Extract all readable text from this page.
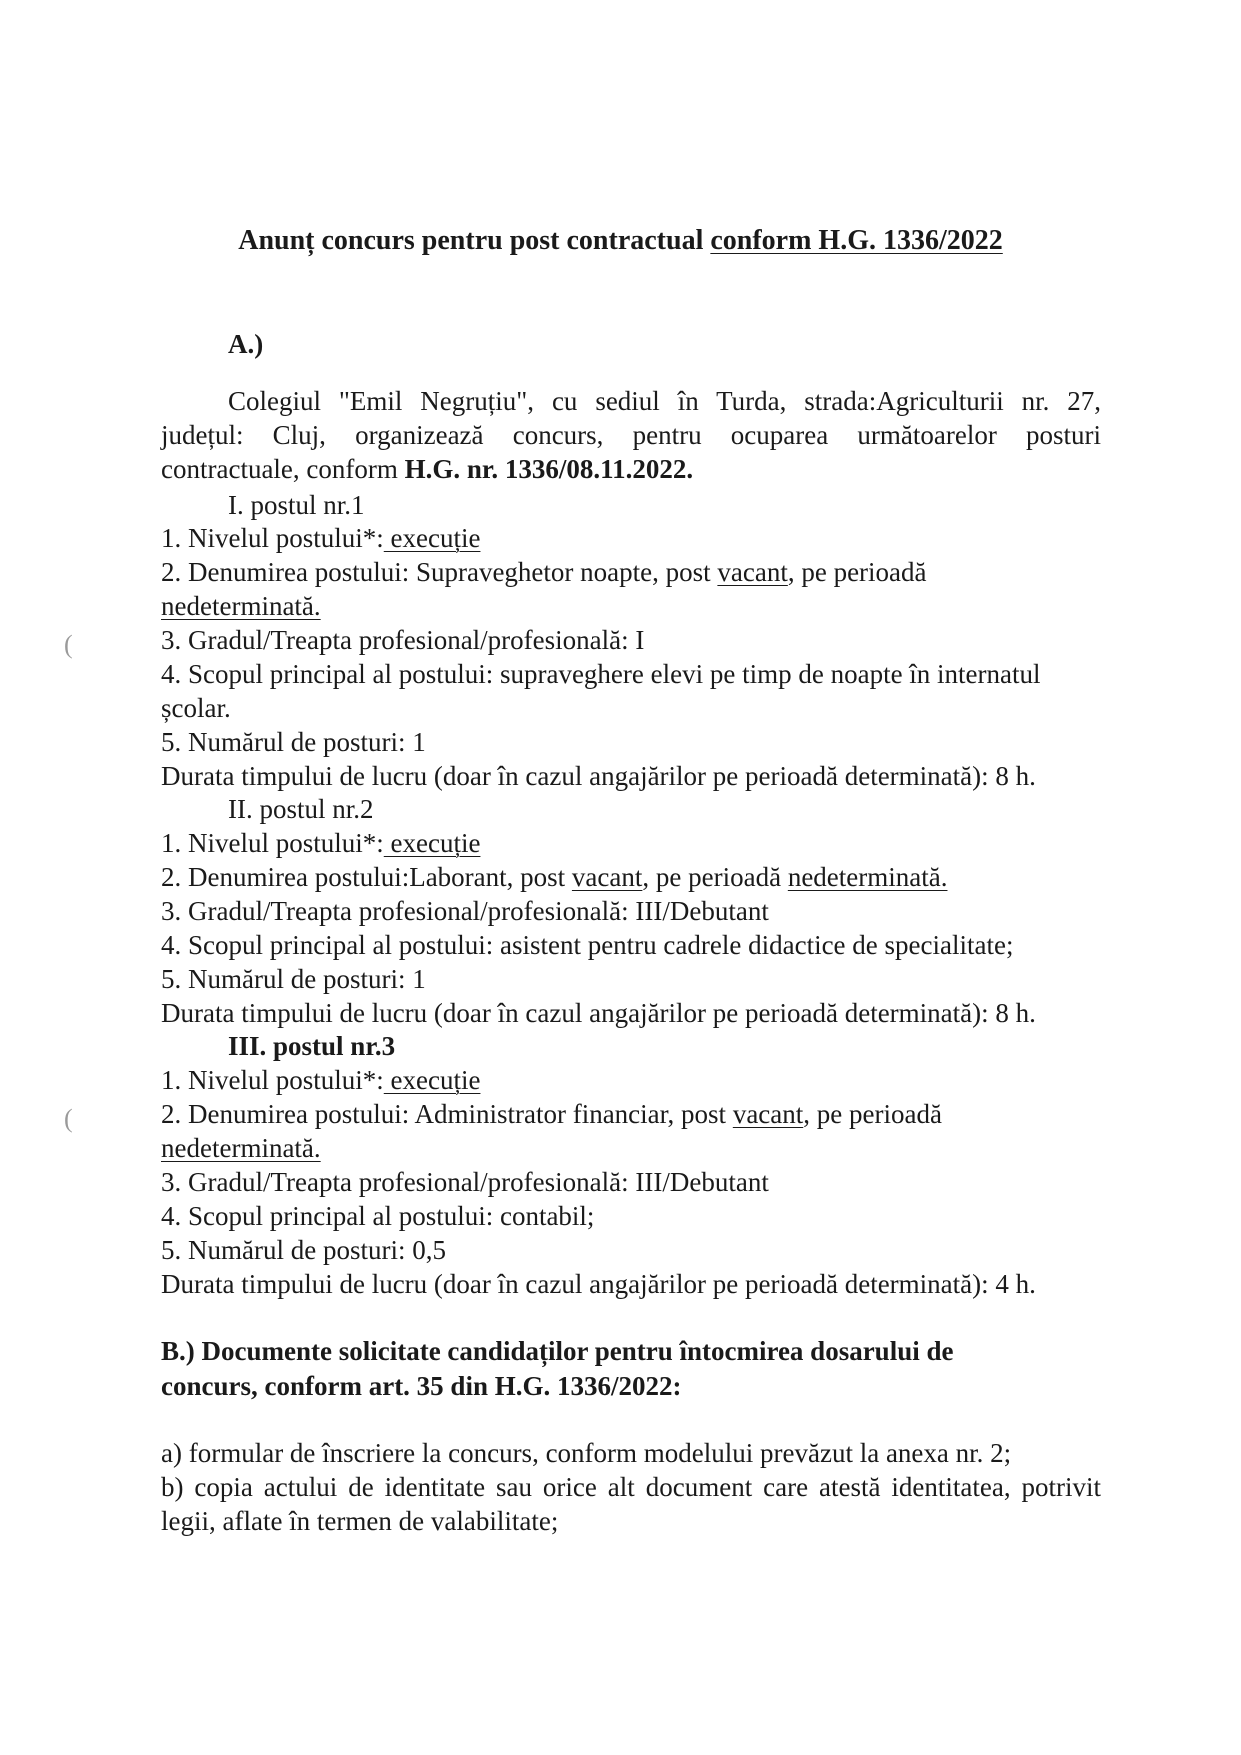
Anunț concurs pentru post contractual conform H.G. 1336/2022

A.)

Colegiul "Emil Negruțiu", cu sediul în Turda, strada:Agriculturii nr. 27,

județul: Cluj, organizează concurs, pentru ocuparea următoarelor posturi

contractuale, conform H.G. nr. 1336/08.11.2022.

I. postul nr.1

1. Nivelul postului*: execuție

2. Denumirea postului: Supraveghetor noapte, post vacant, pe perioadă

nedeterminată.

3. Gradul/Treapta profesional/profesională: I

4. Scopul principal al postului: supraveghere elevi pe timp de noapte în internatul

școlar.

5. Numărul de posturi: 1

Durata timpului de lucru (doar în cazul angajărilor pe perioadă determinată): 8 h.

II. postul nr.2

1. Nivelul postului*: execuție

2. Denumirea postului:Laborant, post vacant, pe perioadă nedeterminată.

3. Gradul/Treapta profesional/profesională: III/Debutant

4. Scopul principal al postului: asistent pentru cadrele didactice de specialitate;

5. Numărul de posturi: 1

Durata timpului de lucru (doar în cazul angajărilor pe perioadă determinată): 8 h.

III. postul nr.3

1. Nivelul postului*: execuție

2. Denumirea postului: Administrator financiar, post vacant, pe perioadă

nedeterminată.

3. Gradul/Treapta profesional/profesională: III/Debutant

4. Scopul principal al postului: contabil;

5. Numărul de posturi: 0,5

Durata timpului de lucru (doar în cazul angajărilor pe perioadă determinată): 4 h.

B.) Documente solicitate candidaților pentru întocmirea dosarului de

concurs, conform art. 35 din H.G. 1336/2022:

a) formular de înscriere la concurs, conform modelului prevăzut la anexa nr. 2;

b) copia actului de identitate sau orice alt document care atestă identitatea, potrivit

legii, aflate în termen de valabilitate;

(
(
